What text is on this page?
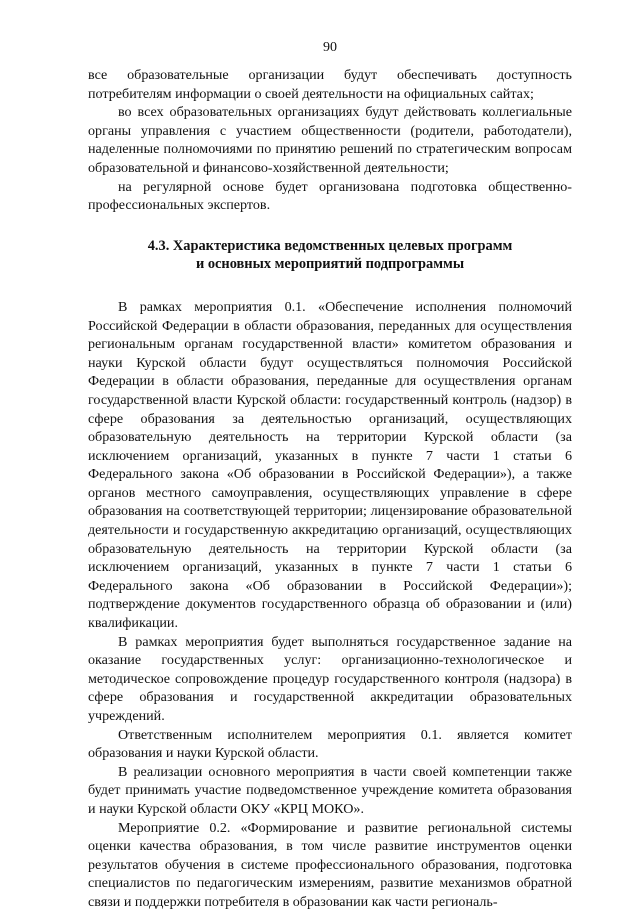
90

все образовательные организации будут обеспечивать доступность потребителям информации о своей деятельности на официальных сайтах;

во всех образовательных организациях будут действовать коллегиальные органы управления с участием общественности (родители, работодатели), наделенные полномочиями по принятию решений по стратегическим вопросам образовательной и финансово-хозяйственной деятельности;

на регулярной основе будет организована подготовка общественно-профессиональных экспертов.

4.3. Характеристика ведомственных целевых программ
и основных мероприятий подпрограммы

В рамках мероприятия 0.1. «Обеспечение исполнения полномочий Российской Федерации в области образования, переданных для осуществления региональным органам государственной власти» комитетом образования и науки Курской области будут осуществляться полномочия Российской Федерации в области образования, переданные для осуществления органам государственной власти Курской области: государственный контроль (надзор) в сфере образования за деятельностью организаций, осуществляющих образовательную деятельность на территории Курской области (за исключением организаций, указанных в пункте 7 части 1 статьи 6 Федерального закона «Об образовании в Российской Федерации»), а также органов местного самоуправления, осуществляющих управление в сфере образования на соответствующей территории; лицензирование образовательной деятельности и государственную аккредитацию организаций, осуществляющих образовательную деятельность на территории Курской области (за исключением организаций, указанных в пункте 7 части 1 статьи 6 Федерального закона «Об образовании в Российской Федерации»); подтверждение документов государственного образца об образовании и (или) квалификации.

В рамках мероприятия будет выполняться государственное задание на оказание государственных услуг: организационно-технологическое и методическое сопровождение процедур государственного контроля (надзора) в сфере образования и государственной аккредитации образовательных учреждений.

Ответственным исполнителем мероприятия 0.1. является комитет образования и науки Курской области.

В реализации основного мероприятия в части своей компетенции также будет принимать участие подведомственное учреждение комитета образования и науки Курской области ОКУ «КРЦ МОКО».

Мероприятие 0.2. «Формирование и развитие региональной системы оценки качества образования, в том числе развитие инструментов оценки результатов обучения в системе профессионального образования, подготовка специалистов по педагогическим измерениям, развитие механизмов обратной связи и поддержки потребителя в образовании как части региональ-
